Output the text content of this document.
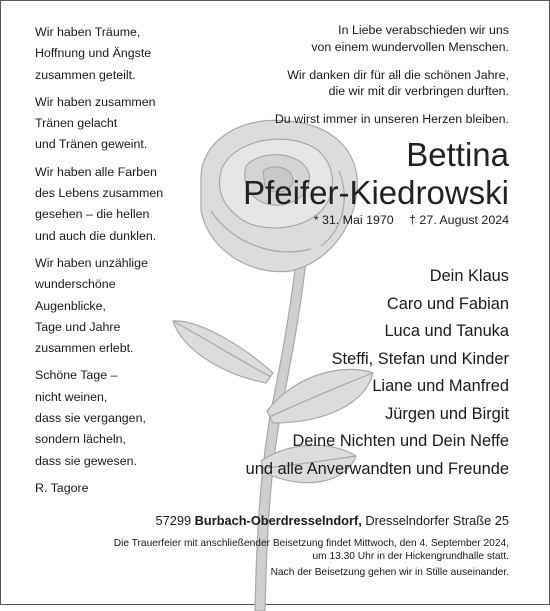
Wir haben Träume,
Hoffnung und Ängste
zusammen geteilt.
Wir haben zusammen
Tränen gelacht
und Tränen geweint.
Wir haben alle Farben
des Lebens zusammen
gesehen – die hellen
und auch die dunklen.
Wir haben unzählige
wunderschöne
Augenblicke,
Tage und Jahre
zusammen erlebt.
Schöne Tage –
nicht weinen,
dass sie vergangen,
sondern lächeln,
dass sie gewesen.
R. Tagore
In Liebe verabschieden wir uns
von einem wundervollen Menschen.
Wir danken dir für all die schönen Jahre,
die wir mit dir verbringen durften.
Du wirst immer in unseren Herzen bleiben.
Bettina
Pfeifer-Kiedrowski
* 31. Mai 1970 † 27. August 2024
Dein Klaus
Caro und Fabian
Luca und Tanuka
Steffi, Stefan und Kinder
Liane und Manfred
Jürgen und Birgit
Deine Nichten und Dein Neffe
und alle Anverwandten und Freunde
57299 Burbach-Oberdresselndorf, Dresselndorfer Straße 25
Die Trauerfeier mit anschließender Beisetzung findet Mittwoch, den 4. September 2024,
um 13.30 Uhr in der Hickengrundhalle statt.
Nach der Beisetzung gehen wir in Stille auseinander.
